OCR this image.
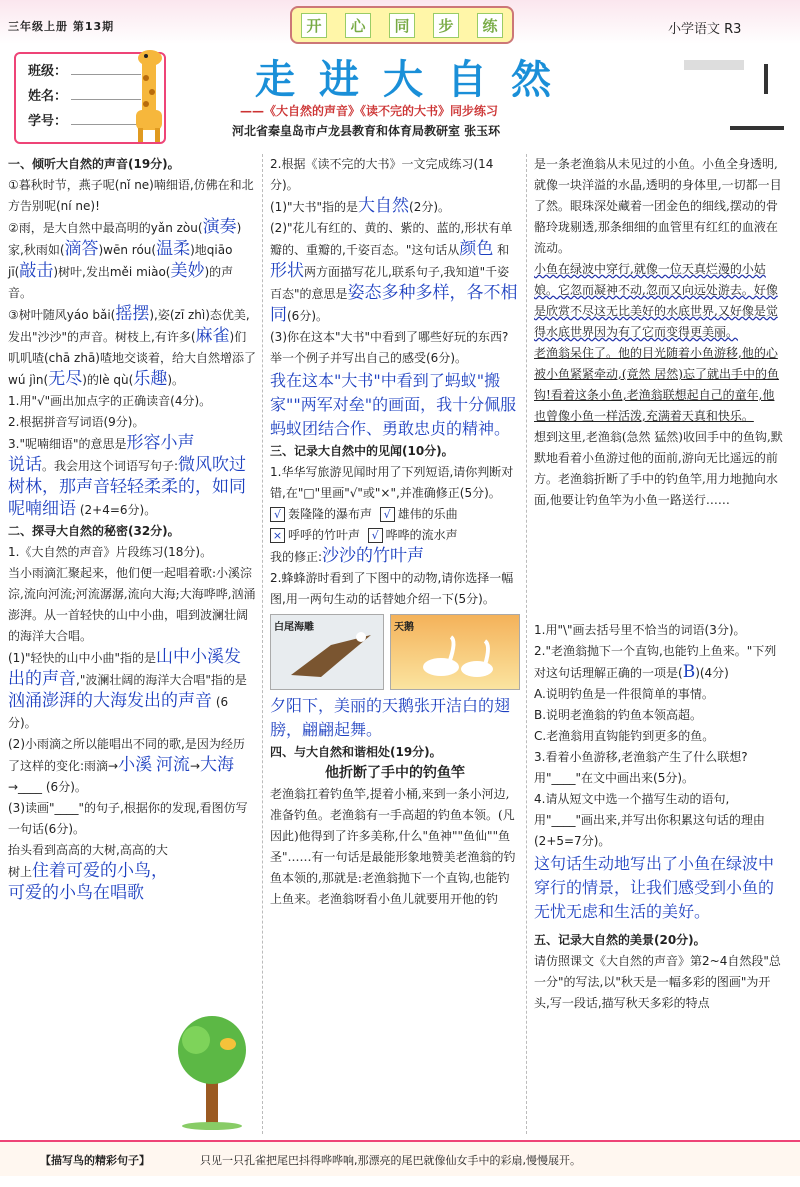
三年级上册 第13期	开	心	同	步	练	小学语文 R3
班级：
姓名：
学号：
走进大自然
——《大自然的声音》《读不完的大书》同步练习
河北省秦皇岛市卢龙县教育和体育局教研室 张玉环

一、倾听大自然的声音(19分)。

①暮秋时节，燕子呢(nǐ ne)喃细语,仿佛在和北方告别呢(ní ne)!

②雨，是大自然中最高明的yǎn zòu(演奏)家,秋雨如(滴答)wēn róu(温柔)地qiāo jī(敲击)树叶,发出měi miào(美妙)的声音。

③树叶随风yáo bǎi(摇摆),姿(zī zhì)态优美,发出"沙沙"的声音。树枝上,有许多(麻雀)们叽叽喳(chā zhā)喳地交谈着，给大自然增添了wú jìn(无尽)的lè qù(乐趣)。

1.用"√"画出加点字的正确读音(4分)。

2.根据拼音写词语(9分)。

3."呢喃细语"的意思是形容小声
说话。我会用这个词语写句子:微风吹过树林，那声音轻轻柔柔的，如同呢喃细语 (2+4=6分)。

二、探寻大自然的秘密(32分)。

1.《大自然的声音》片段练习(18分)。

当小雨滴汇聚起来，他们便一起唱着歌:小溪淙淙,流向河流;河流潺潺,流向大海;大海哗哗,汹涌澎湃。从一首轻快的山中小曲，唱到波澜壮阔的海洋大合唱。

(1)"轻快的山中小曲"指的是山中小溪发出的声音,"波澜壮阔的海洋大合唱"指的是汹涌澎湃的大海发出的声音 (6分)。

(2)小雨滴之所以能唱出不同的歌,是因为经历了这样的变化:雨滴→小溪 河流→大海→____ (6分)。

(3)读画"____"的句子,根据你的发现,看图仿写一句话(6分)。

抬头看到高高的大树,高高的大树上住着可爱的小鸟，可爱的小鸟在唱歌

2.根据《读不完的大书》一文完成练习(14分)。

(1)"大书"指的是大自然(2分)。

(2)"花儿有红的、黄的、紫的、蓝的,形状有单瓣的、重瓣的,千姿百态。"这句话从颜色 和 形状两方面描写花儿,联系句子,我知道"千姿百态"的意思是姿态多种多样，各不相同(6分)。

(3)你在这本"大书"中看到了哪些好玩的东西?举一个例子并写出自己的感受(6分)。

我在这本"大书"中看到了蚂蚁"搬家""两军对垒"的画面，我十分佩服蚂蚁团结合作、勇敢忠贞的精神。

三、记录大自然中的见闻(10分)。

1.华华写旅游见闻时用了下列短语,请你判断对错,在"□"里画"√"或"×",并准确修正(5分)。

√ 轰隆隆的瀑布声 √ 雄伟的乐曲

× 呼呼的竹叶声 √ 哗哗的流水声

我的修正:沙沙的竹叶声

2.蜂蜂游时看到了下图中的动物,请你选择一幅图,用一两句生动的话替她介绍一下(5分)。

白尾海雕	天鹅

夕阳下，美丽的天鹅张开洁白的翅膀，翩翩起舞。

四、与大自然和谐相处(19分)。

他折断了手中的钓鱼竿

老渔翁扛着钓鱼竿,提着小桶,来到一条小河边,准备钓鱼。老渔翁有一手高超的钓鱼本领。(凡 因此)他得到了许多美称,什么"鱼神""鱼仙""鱼圣"……有一句话是最能形象地赞美老渔翁的钓鱼本领的,那就是:老渔翁抛下一个直钩,也能钓上鱼来。老渔翁呀看小鱼儿就要用开他的钓

是一条老渔翁从未见过的小鱼。小鱼全身透明,就像一块洋溢的水晶,透明的身体里,一切都一目了然。眼珠深处藏着一团金色的细线,摆动的骨骼玲珑剔透,那条细细的血管里有红红的血液在流动。

小鱼在绿波中穿行,就像一位天真烂漫的小姑娘。它忽而凝神不动,忽而又向远处游去。好像是欣赏不尽这无比美好的水底世界,又好像是觉得水底世界因为有了它而变得更美丽。

老渔翁呆住了。他的目光随着小鱼游移,他的心被小鱼紧紧牵动,(竟然 居然)忘了就出手中的鱼钩!看着这条小鱼,老渔翁联想起自己的童年,他也曾像小鱼一样活泼,充满着天真和快乐。

想到这里,老渔翁(急然 猛然)收回手中的鱼钩,默默地看着小鱼游过他的面前,游向无比遥远的前方。老渔翁折断了手中的钓鱼竿,用力地抛向水面,他要让钓鱼竿为小鱼一路送行……

1.用"\"画去括号里不恰当的词语(3分)。

2."老渔翁抛下一个直钩,也能钓上鱼来。"下列对这句话理解正确的一项是(B)(4分)

A.说明钓鱼是一件很简单的事情。

B.说明老渔翁的钓鱼本领高超。

C.老渔翁用直钩能钓到更多的鱼。

3.看着小鱼游移,老渔翁产生了什么联想?用"____"在文中画出来(5分)。

4.请从短文中选一个描写生动的语句,用"____"画出来,并写出你积累这句话的理由(2+5=7分)。

这句话生动地写出了小鱼在绿波中穿行的情景，让我们感受到小鱼的无忧无虑和生活的美好。

五、记录大自然的美景(20分)。

请仿照课文《大自然的声音》第2~4自然段"总一分"的写法,以"秋天是一幅多彩的图画"为开头,写一段话,描写秋天多彩的特点

【描写鸟的精彩句子】	只见一只孔雀把尾巴抖得哗哗响,那漂亮的尾巴就像仙女手中的彩扇,慢慢展开。
